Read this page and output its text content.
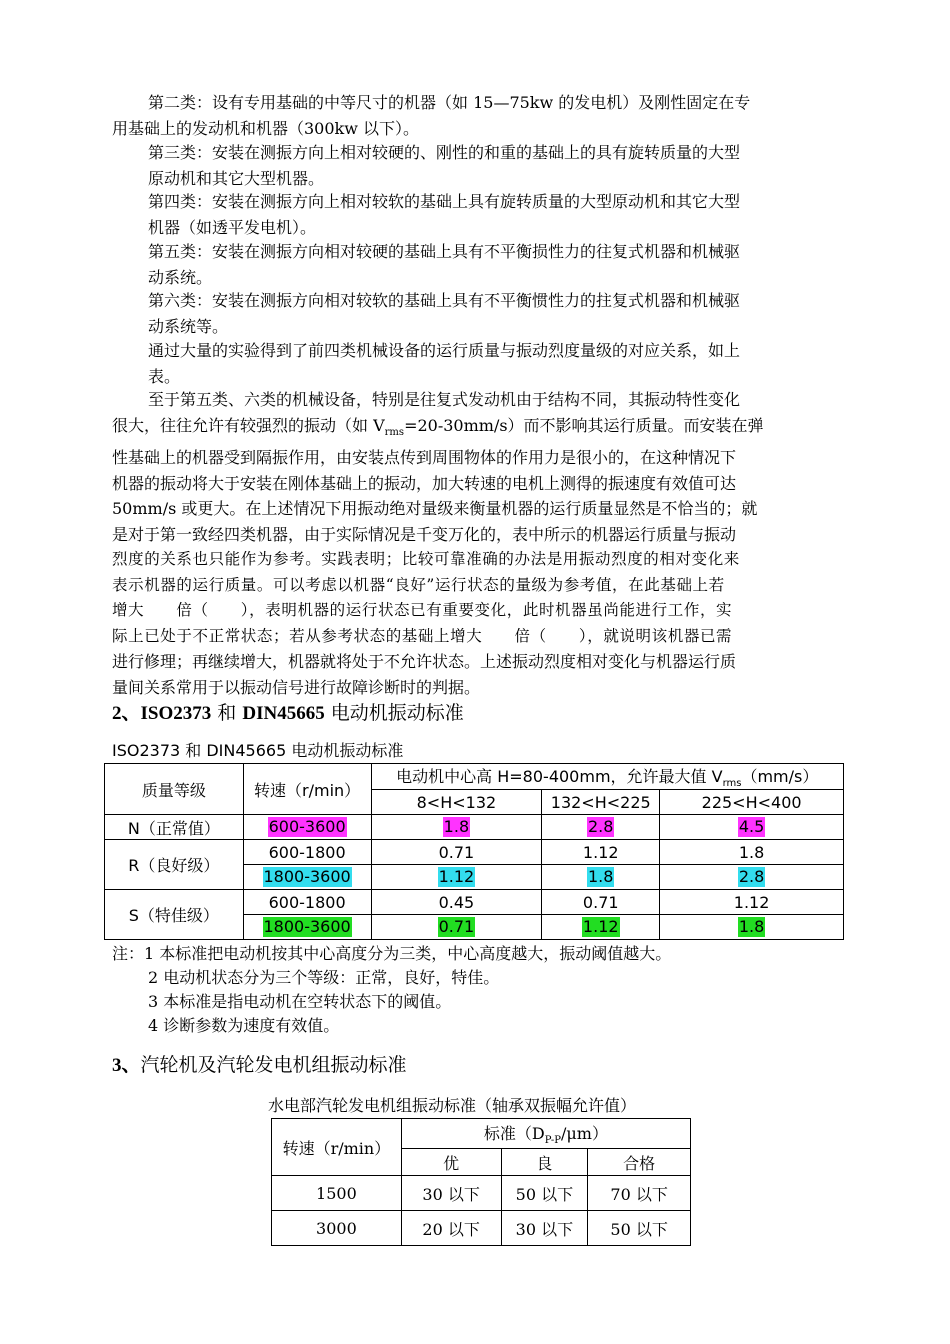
第二类：设有专用基础的中等尺寸的机器（如 15—75kw 的发电机）及刚性固定在专
用基础上的发动机和机器（300kw 以下）。
第三类：安装在测振方向上相对较硬的、刚性的和重的基础上的具有旋转质量的大型
原动机和其它大型机器。
第四类：安装在测振方向上相对较软的基础上具有旋转质量的大型原动机和其它大型
机器（如透平发电机）。
第五类：安装在测振方向相对较硬的基础上具有不平衡损性力的往复式机器和机械驱
动系统。
第六类：安装在测振方向相对较软的基础上具有不平衡惯性力的拄复式机器和机械驱
动系统等。
通过大量的实验得到了前四类机械设备的运行质量与振动烈度量级的对应关系，如上
表。
至于第五类、六类的机械设备，特别是往复式发动机由于结构不同，其振动特性变化
很大，往往允许有较强烈的振动（如 $V_{rms}=20-30mm/s$）而不影响其运行质量。而安装在弹
性基础上的机器受到隔振作用，由安装点传到周围物体的作用力是很小的，在这种情况下
机器的振动将大于安装在刚体基础上的振动，加大转速的电机上测得的振速度有效值可达
50mm/s 或更大。在上述情况下用振动绝对量级来衡量机器的运行质量显然是不恰当的；就
是对于第一致经四类机器，由于实际情况是千变万化的，表中所示的机器运行质量与振动
烈度的关系也只能作为参考。实践表明；比较可靠准确的办法是用振动烈度的相对变化来
表示机器的运行质量。可以考虑以机器“良好”运行状态的量级为参考值，在此基础上若
增大　　倍（　　），表明机器的运行状态已有重要变化，此时机器虽尚能进行工作，实
际上已处于不正常状态；若从参考状态的基础上增大　　倍（　　），就说明该机器已需
进行修理；再继续增大，机器就将处于不允许状态。上述振动烈度相对变化与机器运行质
量间关系常用于以振动信号进行故障诊断时的判据。
2、ISO2373 和 DIN45665 电动机振动标准
ISO2373 和 DIN45665 电动机振动标准
质量等级	转速（r/min）	电动机中心高 H=80-400mm，允许最大值 $V_{rms}(mm/s)$		
		8<H<132	132<H<225	225<H<400
N（正常值）	600-3600	1.8	2.8	4.5
R（良好级）	600-1800	0.71	1.12	1.8
	1800-3600	1.12	1.8	2.8
S（特佳级）	600-1800	0.45	0.71	1.12
	1800-3600	0.71	1.12	1.8
注：1 本标准把电动机按其中心高度分为三类，中心高度越大，振动阈值越大。
2 电动机状态分为三个等级：正常，良好，特佳。
3 本标准是指电动机在空转状态下的阈值。
4 诊断参数为速度有效值。
3、汽轮机及汽轮发电机组振动标准
水电部汽轮发电机组振动标准（轴承双振幅允许值）
转速（r/min）	标准$(D_{P-P}/\mu m)$		
	优	良	合格
1500	30 以下	50 以下	70 以下
3000	20 以下	30 以下	50 以下
